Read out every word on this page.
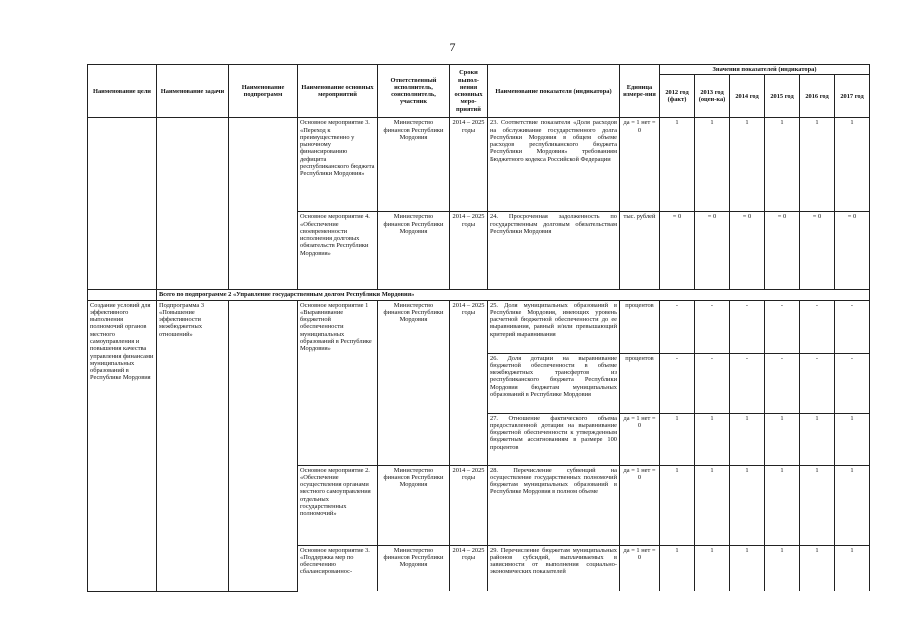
7
Наименование цели	Наименование задачи	Наименование подпрограмм	Наименование основных мероприятий	Ответственный исполнитель, соисполнитель, участник	Сроки выпол-нения основных меро-приятий	Наименование показателя (индикатора)	Единица измере-ния	Значения показателей (индикатора)					
								2012 год (факт)	2013 год (оцен-ка)	2014 год	2015 год	2016 год	2017 год
			Основное мероприятие 3. «Переход к преимущественно у рыночному финансированию дефицита республиканского бюджета Республики Мордовия»	Министерство финансов Республики Мордовия	2014 – 2025 годы	23. Соответствие показателя «Доля расходов на обслуживание государственного долга Республики Мордовия в общем объеме расходов республиканского бюджета Республики Мордовия» требованиям Бюджетного кодекса Российской Федерации	да = 1 нет = 0	1	1	1	1	1	1
			Основное мероприятие 4. «Обеспечение своевременности исполнения долговых обязательств Республики Мордовия»	Министерство финансов Республики Мордовия	2014 – 2025 годы	24. Просроченная задолженность по государственным долговым обязательствам Республики Мордовия	тыс. рублей	= 0	= 0	= 0	= 0	= 0	= 0
	Всего по подпрограмме 2 «Управление государственным долгом Республики Мордовия»												
Создание условий для эффективного выполнения полномочий органов местного самоуправления и повышения качества управления финансами муниципальных образований в Республике Мордовия	Подпрограмма 3 «Повышение эффективности межбюджетных отношений»		Основное мероприятие 1 «Выравнивание бюджетной обеспеченности муниципальных образований в Республике Мордовия»	Министерство финансов Республики Мордовия	2014 – 2025 годы	25. Доля муниципальных образований в Республике Мордовия, имеющих уровень расчетной бюджетной обеспеченности до ее выравнивания, равный и/или превышающий критерий выравнивания	процентов	-	-	-	-	-	-
						26. Доля дотации на выравнивание бюджетной обеспеченности в объеме межбюджетных трансфертов из республиканского бюджета Республики Мордовия бюджетам муниципальных образований в Республике Мордовия	процентов	-	-	-	-	-	-
						27. Отношение фактического объема предоставленной дотации на выравнивание бюджетной обеспеченности к утвержденным бюджетным ассигнованиям в размере 100 процентов	да = 1 нет = 0	1	1	1	1	1	1
			Основное мероприятие 2. «Обеспечение осуществления органами местного самоуправления отдельных государственных полномочий»	Министерство финансов Республики Мордовия	2014 – 2025 годы	28. Перечисление субвенций на осуществление государственных полномочий бюджетам муниципальных образований в Республике Мордовия в полном объеме	да = 1 нет = 0	1	1	1	1	1	1
			Основное мероприятие 3. «Поддержка мер по обеспечению сбалансированнос-	Министерство финансов Республики Мордовия	2014 – 2025 годы	29. Перечисление бюджетам муниципальных районов субсидий, выплачиваемых в зависимости от выполнения социально-экономических показателей	да = 1 нет = 0	1	1	1	1	1	1
